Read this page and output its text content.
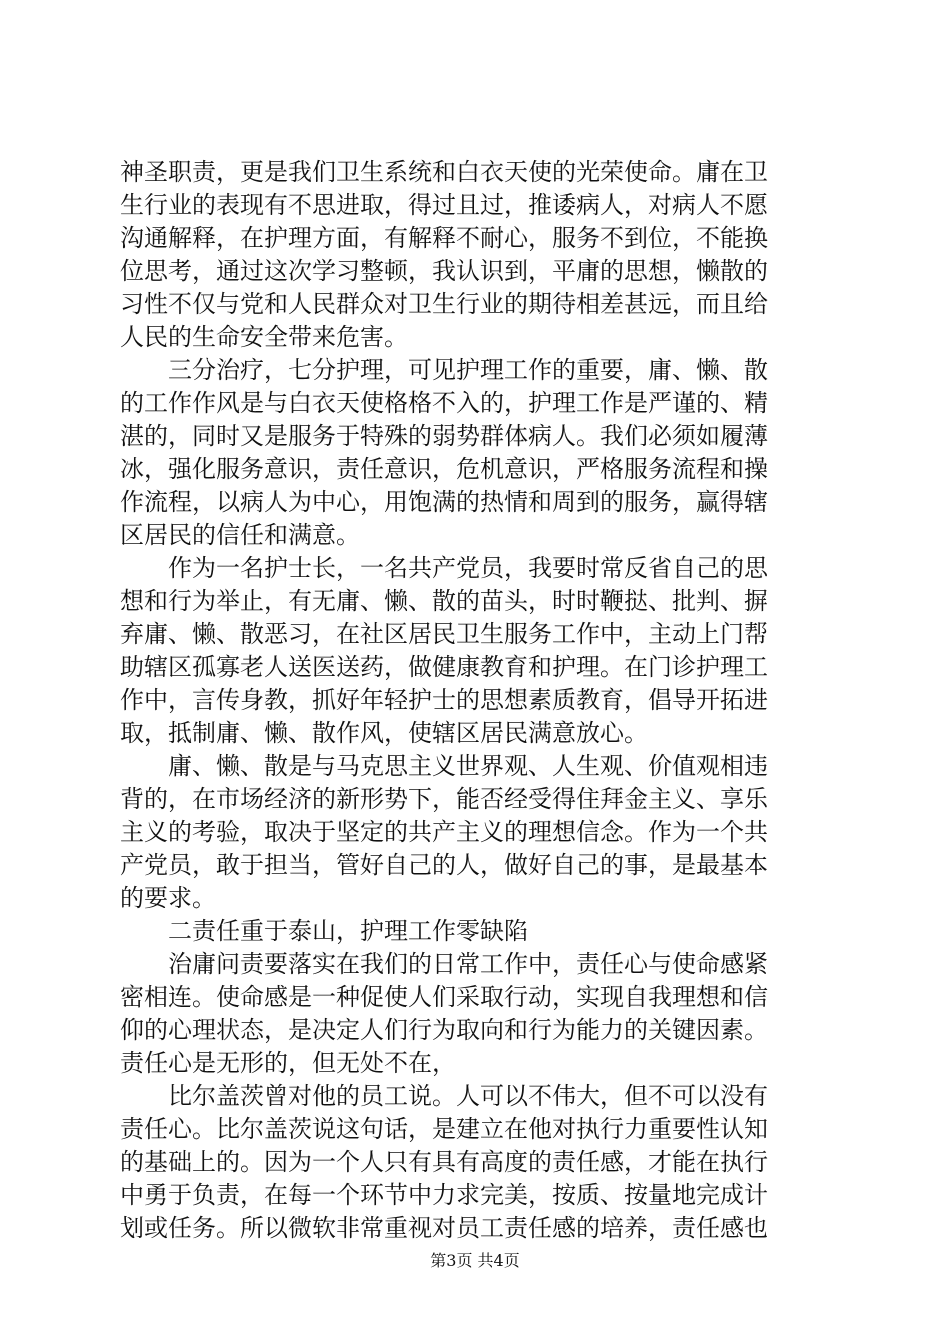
神圣职责，更是我们卫生系统和白衣天使的光荣使命。庸在卫
生行业的表现有不思进取，得过且过，推诿病人，对病人不愿
沟通解释，在护理方面，有解释不耐心，服务不到位，不能换
位思考，通过这次学习整顿，我认识到，平庸的思想，懒散的
习性不仅与党和人民群众对卫生行业的期待相差甚远，而且给
人民的生命安全带来危害。
三分治疗，七分护理，可见护理工作的重要，庸、懒、散
的工作作风是与白衣天使格格不入的，护理工作是严谨的、精
湛的，同时又是服务于特殊的弱势群体病人。我们必须如履薄
冰，强化服务意识，责任意识，危机意识，严格服务流程和操
作流程，以病人为中心，用饱满的热情和周到的服务，赢得辖
区居民的信任和满意。
作为一名护士长，一名共产党员，我要时常反省自己的思
想和行为举止，有无庸、懒、散的苗头，时时鞭挞、批判、摒
弃庸、懒、散恶习，在社区居民卫生服务工作中，主动上门帮
助辖区孤寡老人送医送药，做健康教育和护理。在门诊护理工
作中，言传身教，抓好年轻护士的思想素质教育，倡导开拓进
取，抵制庸、懒、散作风，使辖区居民满意放心。
庸、懒、散是与马克思主义世界观、人生观、价值观相违
背的，在市场经济的新形势下，能否经受得住拜金主义、享乐
主义的考验，取决于坚定的共产主义的理想信念。作为一个共
产党员，敢于担当，管好自己的人，做好自己的事，是最基本
的要求。
二责任重于泰山，护理工作零缺陷
治庸问责要落实在我们的日常工作中，责任心与使命感紧
密相连。使命感是一种促使人们采取行动，实现自我理想和信
仰的心理状态，是决定人们行为取向和行为能力的关键因素。
责任心是无形的，但无处不在，
比尔盖茨曾对他的员工说。人可以不伟大，但不可以没有
责任心。比尔盖茨说这句话，是建立在他对执行力重要性认知
的基础上的。因为一个人只有具有高度的责任感，才能在执行
中勇于负责，在每一个环节中力求完美，按质、按量地完成计
划或任务。所以微软非常重视对员工责任感的培养，责任感也
第3页 共4页
